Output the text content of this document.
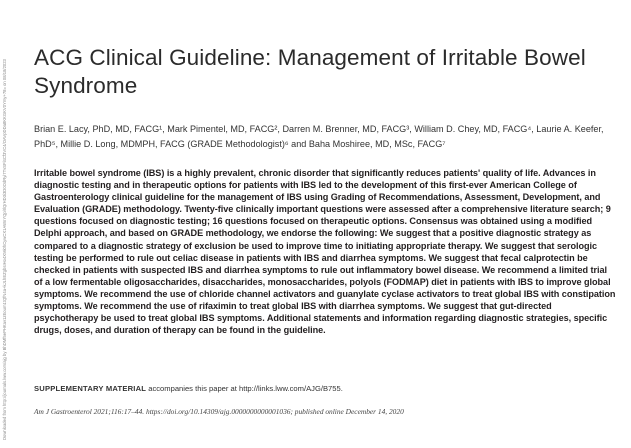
Downloaded from http://journals.lww.com/ajg by BhDMf5ePHKav1zEoum1tQfN4a+kJLhEZgbsIHo4XMi0hCywCX1AWnYQp/IlQrHD3i3D0OdRyi7TvSFl4Cf3VC4/OAVpDDa8KKGKV0Ymy+78= on 08/18/2023
ACG Clinical Guideline: Management of Irritable Bowel Syndrome
Brian E. Lacy, PhD, MD, FACG¹, Mark Pimentel, MD, FACG², Darren M. Brenner, MD, FACG³, William D. Chey, MD, FACG⁴, Laurie A. Keefer, PhD⁵, Millie D. Long, MDMPH, FACG (GRADE Methodologist)⁶ and Baha Moshiree, MD, MSc, FACG⁷
Irritable bowel syndrome (IBS) is a highly prevalent, chronic disorder that significantly reduces patients' quality of life. Advances in diagnostic testing and in therapeutic options for patients with IBS led to the development of this first-ever American College of Gastroenterology clinical guideline for the management of IBS using Grading of Recommendations, Assessment, Development, and Evaluation (GRADE) methodology. Twenty-five clinically important questions were assessed after a comprehensive literature search; 9 questions focused on diagnostic testing; 16 questions focused on therapeutic options. Consensus was obtained using a modified Delphi approach, and based on GRADE methodology, we endorse the following: We suggest that a positive diagnostic strategy as compared to a diagnostic strategy of exclusion be used to improve time to initiating appropriate therapy. We suggest that serologic testing be performed to rule out celiac disease in patients with IBS and diarrhea symptoms. We suggest that fecal calprotectin be checked in patients with suspected IBS and diarrhea symptoms to rule out inflammatory bowel disease. We recommend a limited trial of a low fermentable oligosaccharides, disaccharides, monosaccharides, polyols (FODMAP) diet in patients with IBS to improve global symptoms. We recommend the use of chloride channel activators and guanylate cyclase activators to treat global IBS with constipation symptoms. We recommend the use of rifaximin to treat global IBS with diarrhea symptoms. We suggest that gut-directed psychotherapy be used to treat global IBS symptoms. Additional statements and information regarding diagnostic strategies, specific drugs, doses, and duration of therapy can be found in the guideline.
SUPPLEMENTARY MATERIAL accompanies this paper at http://links.lww.com/AJG/B755.
Am J Gastroenterol 2021;116:17–44. https://doi.org/10.14309/ajg.0000000000001036; published online December 14, 2020
